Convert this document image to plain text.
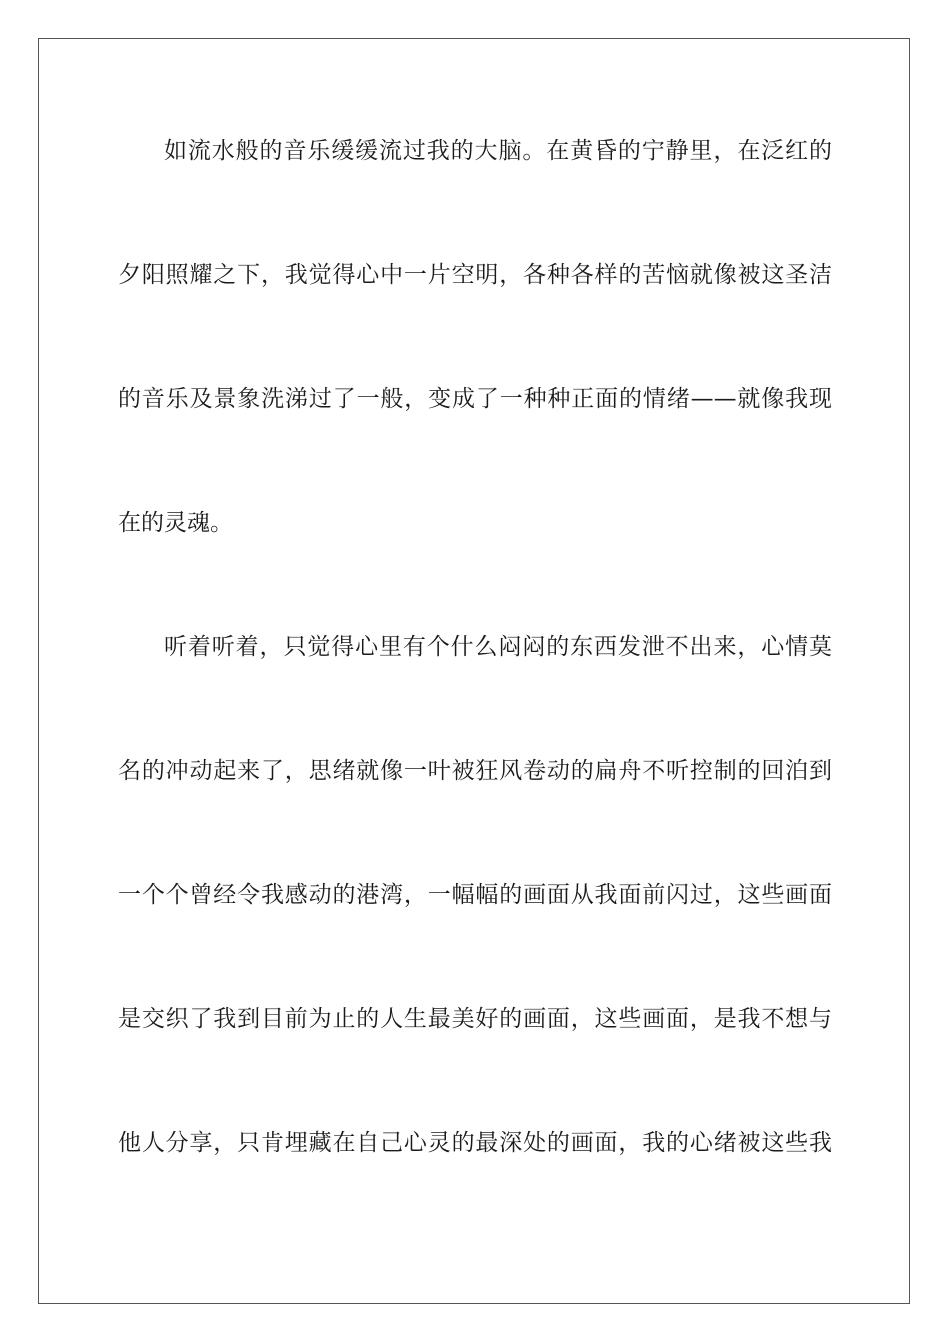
如流水般的音乐缓缓流过我的大脑。在黄昏的宁静里，在泛红的
夕阳照耀之下，我觉得心中一片空明，各种各样的苦恼就像被这圣洁
的音乐及景象洗涕过了一般，变成了一种种正面的情绪——就像我现
在的灵魂。
听着听着，只觉得心里有个什么闷闷的东西发泄不出来，心情莫
名的冲动起来了，思绪就像一叶被狂风卷动的扁舟不听控制的回泊到
一个个曾经令我感动的港湾，一幅幅的画面从我面前闪过，这些画面
是交织了我到目前为止的人生最美好的画面，这些画面，是我不想与
他人分享，只肯埋藏在自己心灵的最深处的画面，我的心绪被这些我
